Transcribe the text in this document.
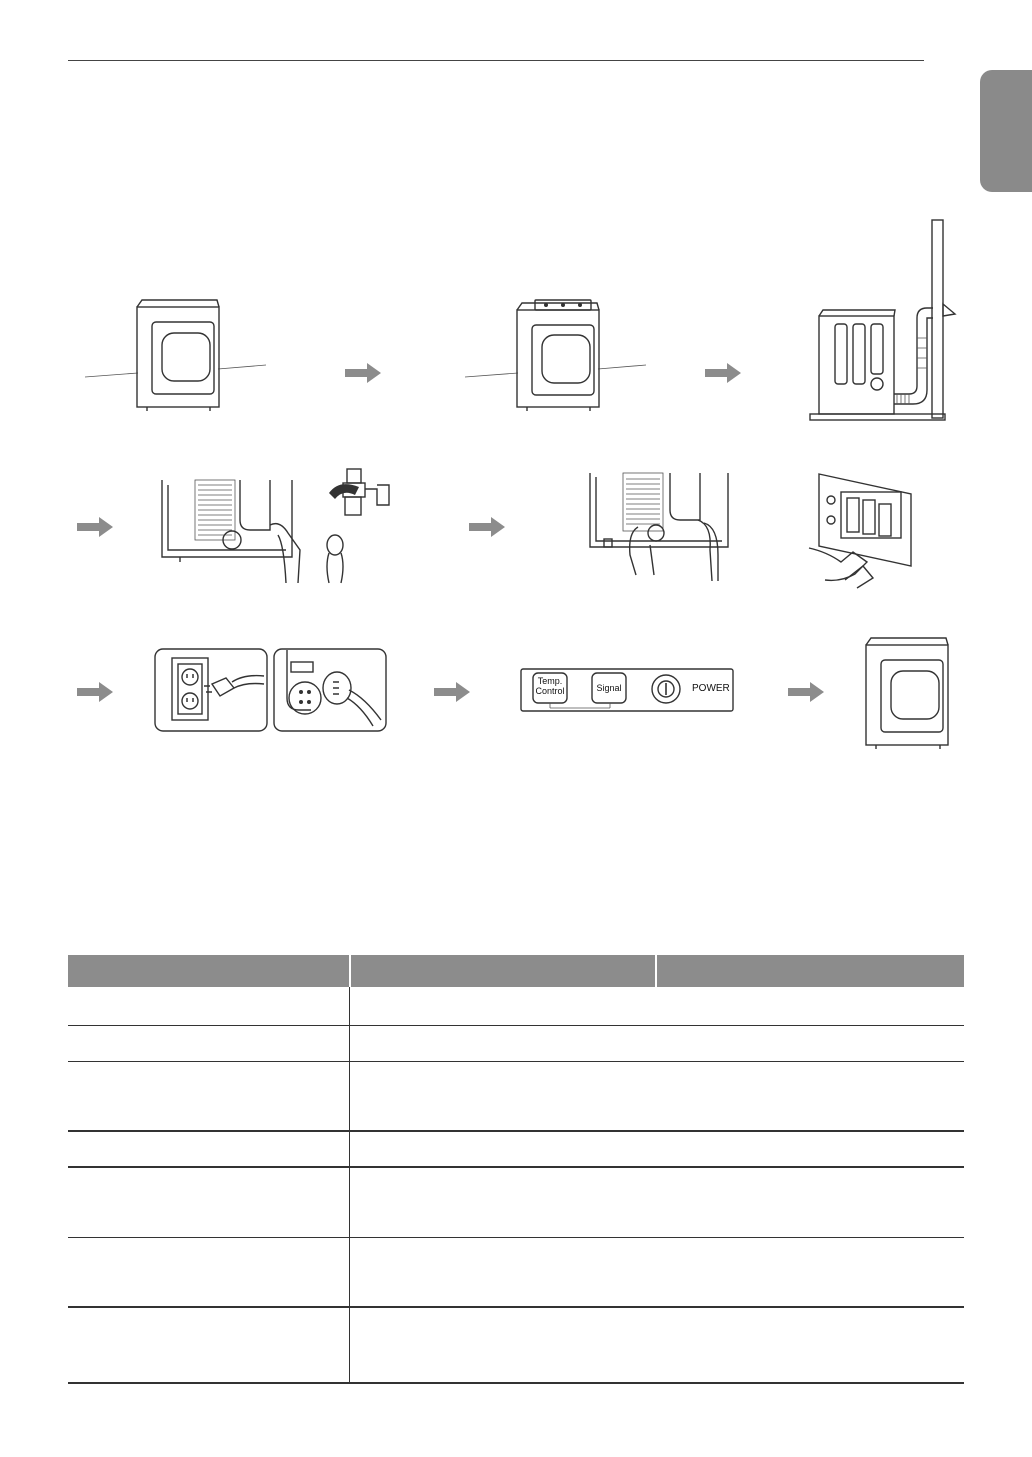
Temp.
Control	Signal	POWER
